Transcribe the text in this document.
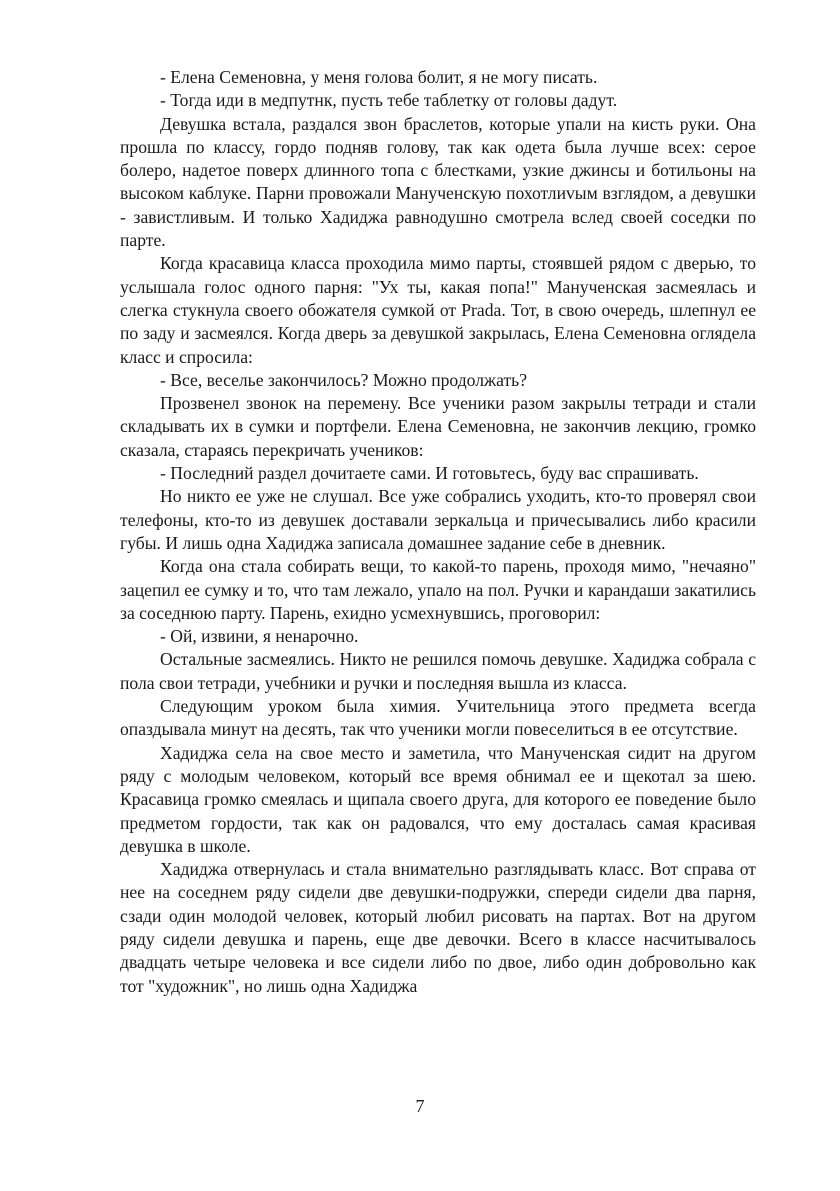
- Елена Семеновна, у меня голова болит, я не могу писать.

- Тогда иди в медпутнк, пусть тебе таблетку от головы дадут.

Девушка встала, раздался звон браслетов, которые упали на кисть руки. Она прошла по классу, гордо подняв голову, так как одета была лучше всех: серое болеро, надетое поверх длинного топа с блестками, узкие джинсы и ботильоны на высоком каблуке. Парни провожали Манученскую похотлиvым взглядом, а девушки - завистливым. И только Хадиджа равнодушно смотрела вслед своей соседки по парте.

Когда красавица класса проходила мимо парты, стоявшей рядом с дверью, то услышала голос одного парня: "Ух ты, какая попа!" Манученская засмеялась и слегка стукнула своего обожателя сумкой от Prada. Тот, в свою очередь, шлепнул ее по заду и засмеялся. Когда дверь за девушкой закрылась, Елена Семеновна оглядела класс и спросила:

- Все, веселье закончилось? Можно продолжать?

Прозвенел звонок на перемену. Все ученики разом закрылы тетради и стали складывать их в сумки и портфели. Елена Семеновна, не закончив лекцию, громко сказала, стараясь перекричать учеников:

- Последний раздел дочитаете сами. И готовьтесь, буду вас спрашивать.

Но никто ее уже не слушал. Все уже собрались уходить, кто-то проверял свои телефоны, кто-то из девушек доставали зеркальца и причесывались либо красили губы. И лишь одна Хадиджа записала домашнее задание себе в дневник.

Когда она стала собирать вещи, то какой-то парень, проходя мимо, "нечаяно" зацепил ее сумку и то, что там лежало, упало на пол. Ручки и карандаши закатились за соседнюю парту. Парень, ехидно усмехнувшись, проговорил:

- Ой, извини, я ненарочно.

Остальные засмеялись. Никто не решился помочь девушке. Хадиджа собрала с пола свои тетради, учебники и ручки и последняя вышла из класса.

Следующим уроком была химия. Учительница этого предмета всегда опаздывала минут на десять, так что ученики могли повеселиться в ее отсутствие.

Хадиджа села на свое место и заметила, что Манученская сидит на другом ряду с молодым человеком, который все время обнимал ее и щекотал за шею. Красавица громко смеялась и щипала своего друга, для которого ее поведение было предметом гордости, так как он радовался, что ему досталась самая красивая девушка в школе.

Хадиджа отвернулась и стала внимательно разглядывать класс. Вот справа от нее на соседнем ряду сидели две девушки-подружки, спереди сидели два парня, сзади один молодой человек, который любил рисовать на партах. Вот на другом ряду сидели девушка и парень, еще две девочки. Всего в классе насчитывалось двадцать четыре человека и все сидели либо по двое, либо один добровольно как тот "художник", но лишь одна Хадиджа

7
